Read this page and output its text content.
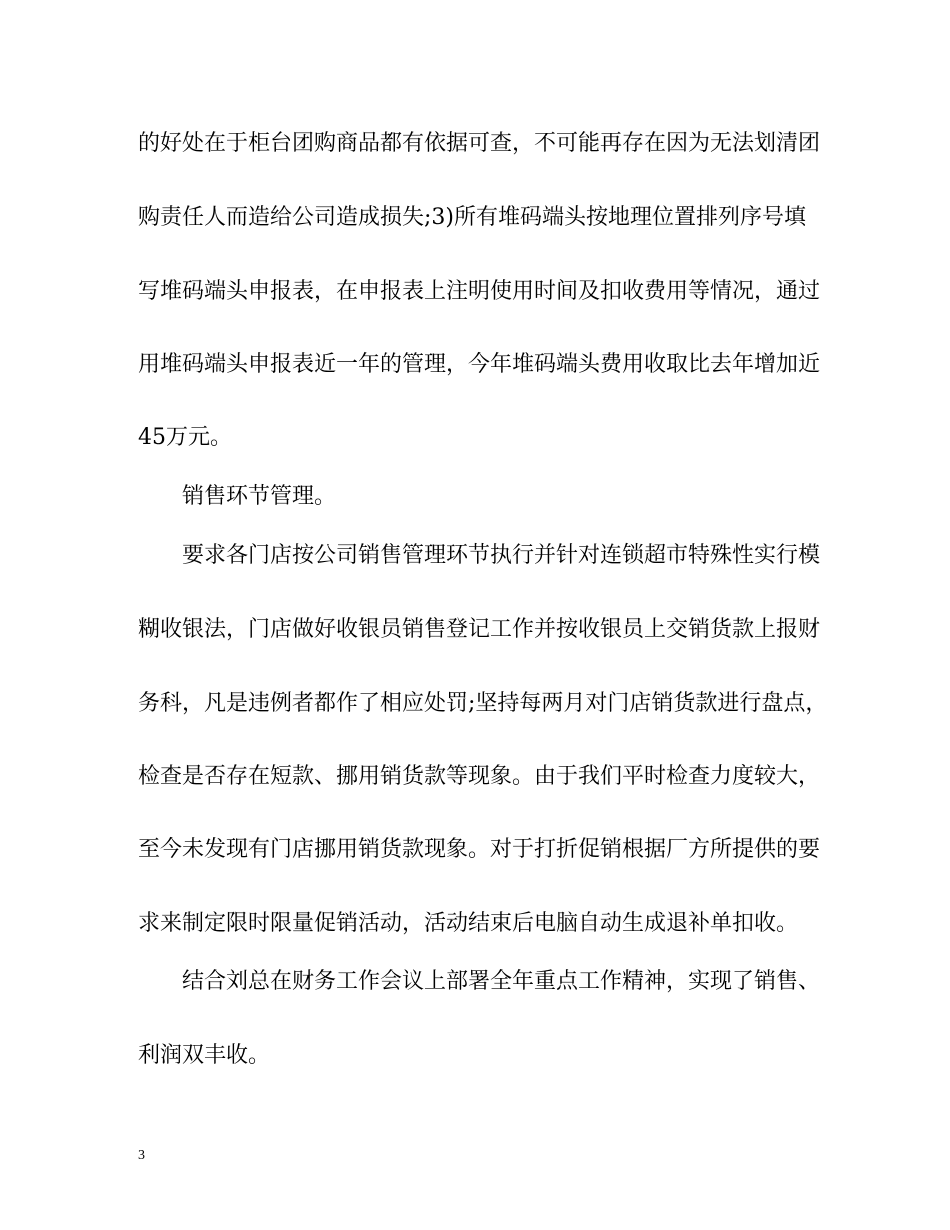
的好处在于柜台团购商品都有依据可查，不可能再存在因为无法划清团

购责任人而造给公司造成损失;3)所有堆码端头按地理位置排列序号填

写堆码端头申报表，在申报表上注明使用时间及扣收费用等情况，通过

用堆码端头申报表近一年的管理，今年堆码端头费用收取比去年增加近

45万元。

销售环节管理。

要求各门店按公司销售管理环节执行并针对连锁超市特殊性实行模

糊收银法，门店做好收银员销售登记工作并按收银员上交销货款上报财

务科，凡是违例者都作了相应处罚;坚持每两月对门店销货款进行盘点，

检查是否存在短款、挪用销货款等现象。由于我们平时检查力度较大，

至今未发现有门店挪用销货款现象。对于打折促销根据厂方所提供的要

求来制定限时限量促销活动，活动结束后电脑自动生成退补单扣收。

结合刘总在财务工作会议上部署全年重点工作精神，实现了销售、

利润双丰收。

3
